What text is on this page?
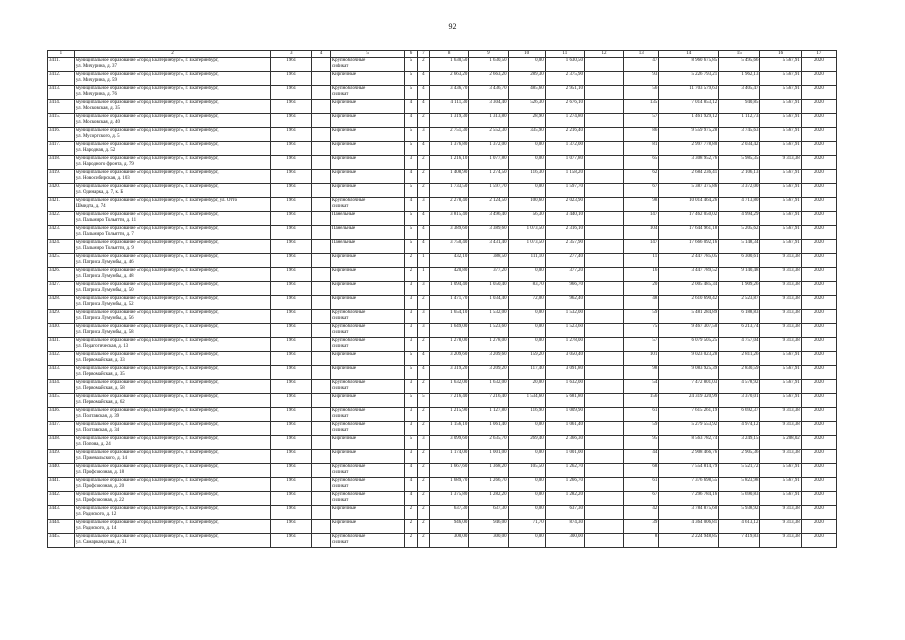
92
1	2	3	4	5	6	7	8	9	10	11	12	13	14	15	16	17

3411.	муниципальное образование «город Екатеринбург», г. Екатеринбург,
ул. Мичурина, д. 37	1961		Крупноблочные
сиdикат	5	2	1 630,50	1 630,50	0,00	1 630,50		47	8 960 675,85	5 495,66	5 567,91	2020

3412.	муниципальное образование «город Екатеринбург», г. Екатеринбург,
ул. Мичурина, д. 59	1961		Кирпичные	5	4	2 663,20	2 663,20	289,30	2 375,90		93	5 226 793,21	1 962,13	5 567,91	2020

3413.	муниципальное образование «город Екатеринбург», г. Екатеринбург,
ул. Мичурина, д. 76	1961		Крупноблочные
силикат	5	4	3 436,70	3 436,70	485,60	2 951,10		56	11 703 579,63	3 405,47	5 567,91	2020

3414.	муниципальное образование «город Екатеринбург», г. Екатеринбург,
ул. Московская, д. 35	1961		Кирпичные	4	4	4 111,30	3 304,40	526,30	2 676,10		135	7 014 853,12	940,85	5 567,91	2020

3415.	муниципальное образование «город Екатеринбург», г. Екатеринбург,
ул. Московская, д. 40	1961		Кирпичные	4	2	1 319,30	1 313,80	28,90	1 274,80		57	1 461 929,12	1 112,73	5 567,91	2020

3416.	муниципальное образование «город Екатеринбург», г. Екатеринбург,
ул. Мусоргского, д. 5	1961		Кирпичные	5	3	2 751,30	2 552,30	335,90	2 216,40		86	9 559 975,28	3 745,63	5 567,91	2020

3417.	муниципальное образование «город Екатеринбург», г. Екатеринбург,
ул. Народная, д. 52	1961		Кирпичные	5	4	1 376,80	1 372,00	0,00	1 372,00		81	2 997 778,80	2 034,42	5 567,91	2020

3418.	муниципальное образование «город Екатеринбург», г. Екатеринбург,
ул. Народного фронта, д. 79	1961		Кирпичные	3	2	1 216,10	1 077,80	0,00	1 077,80		65	3 308 952,76	5 985,35	9 313,38	2020

3419.	муниципальное образование «город Екатеринбург», г. Екатеринбург,
ул. Новосибирская, д. 103	1961		Кирпичные	4	2	1 408,90	1 274,50	116,30	1 158,20		62	2 684 236,41	2 106,13	5 567,91	2020

3420.	муниципальное образование «город Екатеринбург», г. Екатеринбург,
ул. Одинарка, д. 7, к. Б	1961		Кирпичные	5	2	1 733,50	1 597,70	0,00	1 597,70		67	5 387 375,86	3 372,00	5 567,91	2020

3421.	муниципальное образование «город Екатеринбург», г. Екатеринбург, ул. Отто
Шмидта, д. 74	1961		Крупноблочные
силикат	4	3	2 278,40	2 124,50	100,60	2 023,90		98	10 014 464,26	4 713,80	5 567,91	2020

3422.	муниципальное образование «город Екатеринбург», г. Екатеринбург,
ул. Пальмиро Тольятти, д. 11	1961		Панельные	5	4	3 815,40	3 496,40	56,30	3 440,10		147	17 462 050,02	4 994,29	5 567,91	2020

3423.	муниципальное образование «город Екатеринбург», г. Екатеринбург,
ул. Пальмиро Тольятти, д. 7	1961		Панельные	5	4	3 389,60	3 389,60	1 073,50	2 316,10		104	17 644 961,18	5 205,62	5 567,91	2020

3424.	муниципальное образование «город Екатеринбург», г. Екатеринбург,
ул. Пальмиро Тольятти, д. 9	1961		Панельные	5	4	3 750,40	3 431,40	1 073,50	2 357,90		147	17 666 092,16	5 148,34	5 567,91	2020

3425.	муниципальное образование «город Екатеринбург», г. Екатеринбург,
ул. Патриса Лумумбы, д. 46	1961		Кирпичные	2	1	432,10	388,50	111,10	277,40		11	2 447 785,05	6 300,61	9 313,38	2020

3426.	муниципальное образование «город Екатеринбург», г. Екатеринбург,
ул. Патриса Лумумбы, д. 48	1961		Кирпичные	2	1	420,80	377,20	0,00	377,20		16	3 447 789,52	9 140,48	9 313,38	2020

3427.	муниципальное образование «город Екатеринбург», г. Екатеринбург,
ул. Патриса Лумумбы, д. 50	1961		Кирпичные	3	3	1 094,40	1 050,40	83,70	966,70		20	2 005 485,34	1 909,26	9 313,38	2020

3428.	муниципальное образование «город Екатеринбург», г. Екатеринбург,
ул. Патриса Лумумбы, д. 52	1961		Кирпичные	3	2	1 471,70	1 034,40	72,00	962,40		48	2 610 690,42	2 523,87	9 313,38	2020

3429.	муниципальное образование «город Екатеринбург», г. Екатеринбург,
ул. Патриса Лумумбы, д. 56	1961		Крупноблочные
силикат	3	3	1 654,10	1 532,00	0,00	1 532,00		59	5 481 284,89	6 188,83	9 313,38	2020

3430.	муниципальное образование «город Екатеринбург», г. Екатеринбург,
ул. Патриса Лумумбы, д. 58	1961		Крупноблочные
силикат	3	3	1 649,00	1 523,60	0,00	1 523,60		75	9 467 307,50	6 213,74	9 313,38	2020

3431.	муниципальное образование «город Екатеринбург», г. Екатеринбург,
ул. Педагогическая, д. 13	1961		Крупноблочные
силикат	3	2	1 278,00	1 278,00	0,00	1 278,00		57	6 079 505,25	4 757,04	9 313,38	2020

3432.	муниципальное образование «город Екатеринбург», г. Екатеринбург,
ул. Первомайская, д. 33	1961		Кирпичные	5	4	3 209,60	3 209,60	159,20	3 050,40		101	9 023 023,28	2 811,26	5 567,91	2020

3433.	муниципальное образование «город Екатеринбург», г. Екатеринбург,
ул. Первомайская, д. 35	1961		Кирпичные	5	4	3 319,20	3 209,20	117,40	3 091,80		98	9 083 925,39	2 830,59	5 567,91	2020

3434.	муниципальное образование «город Екатеринбург», г. Екатеринбург,
ул. Первомайская, д. 58	1961		Крупноблочные
силикат	3	2	1 632,00	1 632,00	20,00	1 632,00		54	7 472 801,03	4 578,92	5 567,91	2020

3435.	муниципальное образование «город Екатеринбург», г. Екатеринбург,
ул. Первомайская, д. 62	1961		Кирпичные	5	5	7 216,40	7 216,40	1 534,60	5 681,80		156	24 319 320,99	3 370,01	5 567,91	2020

3436.	муниципальное образование «город Екатеринбург», г. Екатеринбург,
ул. Полтавская, д. 39	1961		Крупноблочные
силикат	3	2	1 215,90	1 127,80	116,90	1 009,90		61	7 615 261,19	6 692,37	9 313,38	2020

3437.	муниципальное образование «город Екатеринбург», г. Екатеринбург,
ул. Полтавская, д. 34	1961		Крупноблочные
силикат	3	2	1 156,10	1 061,40	0,00	1 061,40		59	5 279 553,92	4 974,12	9 313,38	2020

3438.	муниципальное образование «город Екатеринбург», г. Екатеринбург,
ул. Попова, д. 24	1961		Кирпичные	5	3	3 099,60	2 635,70	269,40	2 366,30		95	8 563 782,74	3 249,15	5 208,02	2020

3439.	муниципальное образование «город Екатеринбург», г. Екатеринбург,
ул. Пржевальского, д. 14	1961		Кирпичные	3	2	1 174,00	1 001,00	0,00	1 001,00		44	2 908 466,76	2 905,36	9 313,38	2020

3440.	муниципальное образование «город Екатеринбург», г. Екатеринбург,
ул. Профсоюзная, д. 18	1961		Крупноблочные
силикат	4	2	1 667,60	1 368,20	105,50	1 262,70		68	7 554 814,79	5 521,72	5 567,91	2020

3441.	муниципальное образование «город Екатеринбург», г. Екатеринбург,
ул. Профсоюзная, д. 20	1961		Крупноблочные
силикат	4	2	1 689,70	1 266,70	0,00	1 266,70		61	7 376 698,55	5 823,98	5 567,91	2020

3442.	муниципальное образование «город Екатеринбург», г. Екатеринбург,
ул. Профсоюзная, д. 22	1961		Крупноблочные
силикат	4	2	1 375,80	1 282,20	0,00	1 282,20		67	7 296 784,16	5 690,83	5 567,91	2020

3443.	муниципальное образование «город Екатеринбург», г. Екатеринбург,
ул. Радиского, д. 12	1961		Кирпичные	2	2	637,30	637,30	0,00	637,30		42	3 784 875,60	5 938,92	9 313,38	2020

3444.	муниципальное образование «город Екатеринбург», г. Екатеринбург,
ул. Радиского, д. 14	1961		Кирпичные	2	2	946,00	946,00	71,70	874,30		39	4 364 006,81	4 613,12	9 313,38	2020

3445.	муниципальное образование «город Екатеринбург», г. Екатеринбург,
ул. Самаркандская, д. 31	1961		Крупноблочные
силикат	2	2	300,00	300,00	0,00	300,00		8	2 224 948,85	7 419,83	9 313,38	2020
